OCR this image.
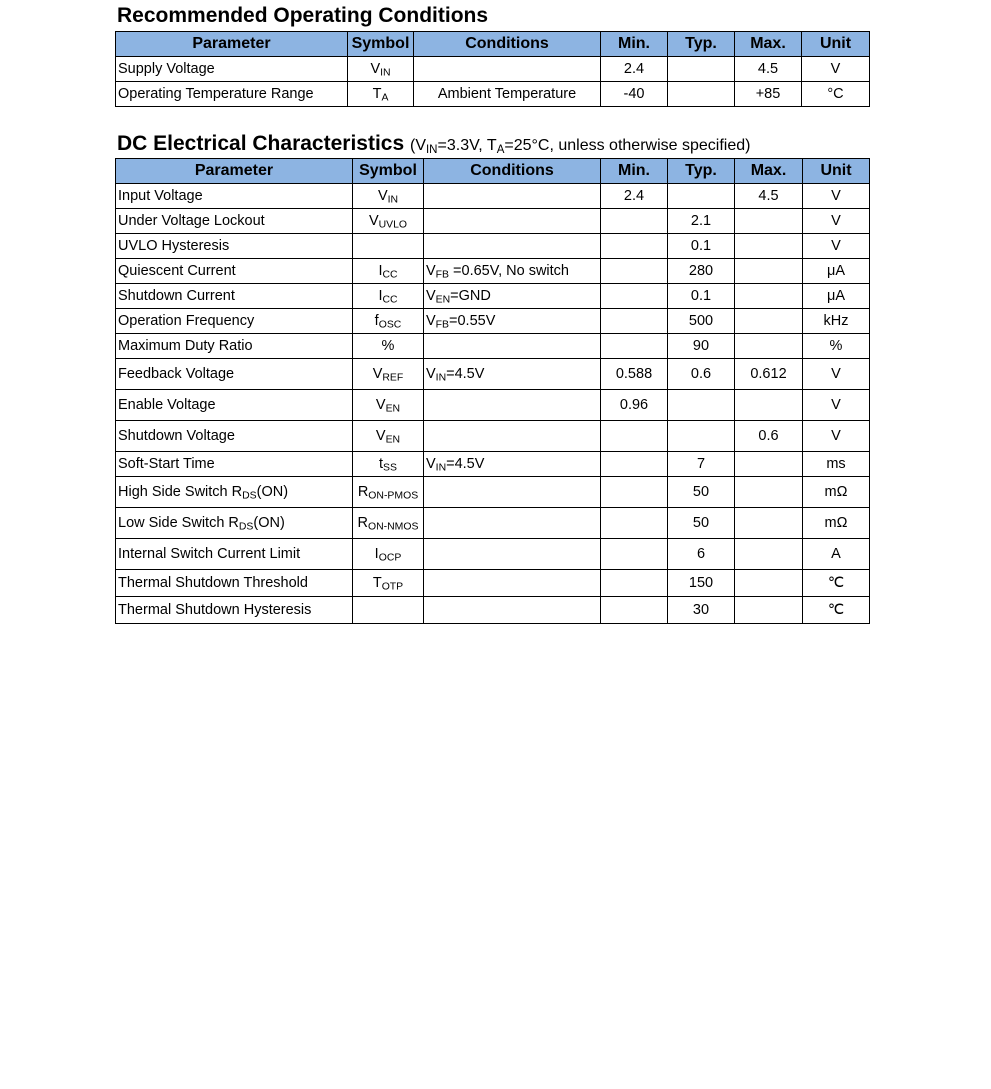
Recommended Operating Conditions
Parameter	Symbol	Conditions	Min.	Typ.	Max.	Unit
Supply Voltage	$V_{IN}$		2.4		4.5	V
Operating Temperature Range	$T_A$	Ambient Temperature	-40		+85	°C
DC Electrical Characteristics ($V_{IN}=3.3V$, $T_A=25^\circ C$, unless otherwise specified)
Parameter	Symbol	Conditions	Min.	Typ.	Max.	Unit
Input Voltage	$V_{IN}$		2.4		4.5	V
Under Voltage Lockout	$V_{UVLO}$			2.1		V
UVLO Hysteresis				0.1		V
Quiescent Current	$I_{CC}$	$V_{FB} =0.65V$, No switch		280		μA
Shutdown Current	$I_{CC}$	$V_{EN}=GND$		0.1		μA
Operation Frequency	$f_{OSC}$	$V_{FB}=0.55V$		500		kHz
Maximum Duty Ratio	%			90		%
Feedback Voltage	$V_{REF}$	$V_{IN}=4.5V$	0.588	0.6	0.612	V
Enable Voltage	$V_{EN}$		0.96			V
Shutdown Voltage	$V_{EN}$				0.6	V
Soft-Start Time	$t_{SS}$	$V_{IN}=4.5V$		7		ms
High Side Switch $R_{DS}(ON)$	$R_{ON-PMOS}$			50		mΩ
Low Side Switch $R_{DS}(ON)$	$R_{ON-NMOS}$			50		mΩ
Internal Switch Current Limit	$I_{OCP}$			6		A
Thermal Shutdown Threshold	$T_{OTP}$			150		℃
Thermal Shutdown Hysteresis				30		℃
